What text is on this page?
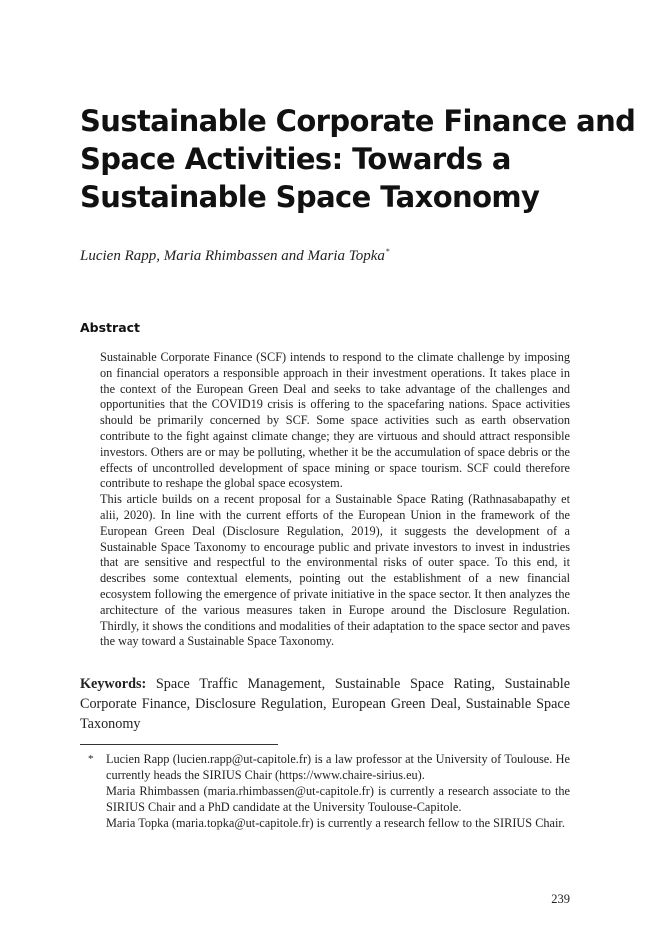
Sustainable Corporate Finance and
Space Activities: Towards a
Sustainable Space Taxonomy
Lucien Rapp, Maria Rhimbassen and Maria Topka*
Abstract

Sustainable Corporate Finance (SCF) intends to respond to the climate challenge by imposing on financial operators a responsible approach in their investment operations. It takes place in the context of the European Green Deal and seeks to take advantage of the challenges and opportunities that the COVID19 crisis is offering to the spacefaring nations. Space activities should be primarily concerned by SCF. Some space activities such as earth observation contribute to the fight against climate change; they are virtuous and should attract responsible investors. Others are or may be polluting, whether it be the accumulation of space debris or the effects of uncontrolled development of space mining or space tourism. SCF could therefore contribute to reshape the global space ecosystem.

This article builds on a recent proposal for a Sustainable Space Rating (Rathnasabapathy et alii, 2020). In line with the current efforts of the European Union in the framework of the European Green Deal (Disclosure Regulation, 2019), it suggests the development of a Sustainable Space Taxonomy to encourage public and private investors to invest in industries that are sensitive and respectful to the environmental risks of outer space. To this end, it describes some contextual elements, pointing out the establishment of a new financial ecosystem following the emergence of private initiative in the space sector. It then analyzes the architecture of the various measures taken in Europe around the Disclosure Regulation. Thirdly, it shows the conditions and modalities of their adaptation to the space sector and paves the way toward a Sustainable Space Taxonomy.

Keywords: Space Traffic Management, Sustainable Space Rating, Sustainable Corporate Finance, Disclosure Regulation, European Green Deal, Sustainable Space Taxonomy
* Lucien Rapp (lucien.rapp@ut-capitole.fr) is a law professor at the University of Toulouse. He currently heads the SIRIUS Chair (https://www.chaire-sirius.eu).

Maria Rhimbassen (maria.rhimbassen@ut-capitole.fr) is currently a research associate to the SIRIUS Chair and a PhD candidate at the University Toulouse-Capitole.

Maria Topka (maria.topka@ut-capitole.fr) is currently a research fellow to the SIRIUS Chair.

239
